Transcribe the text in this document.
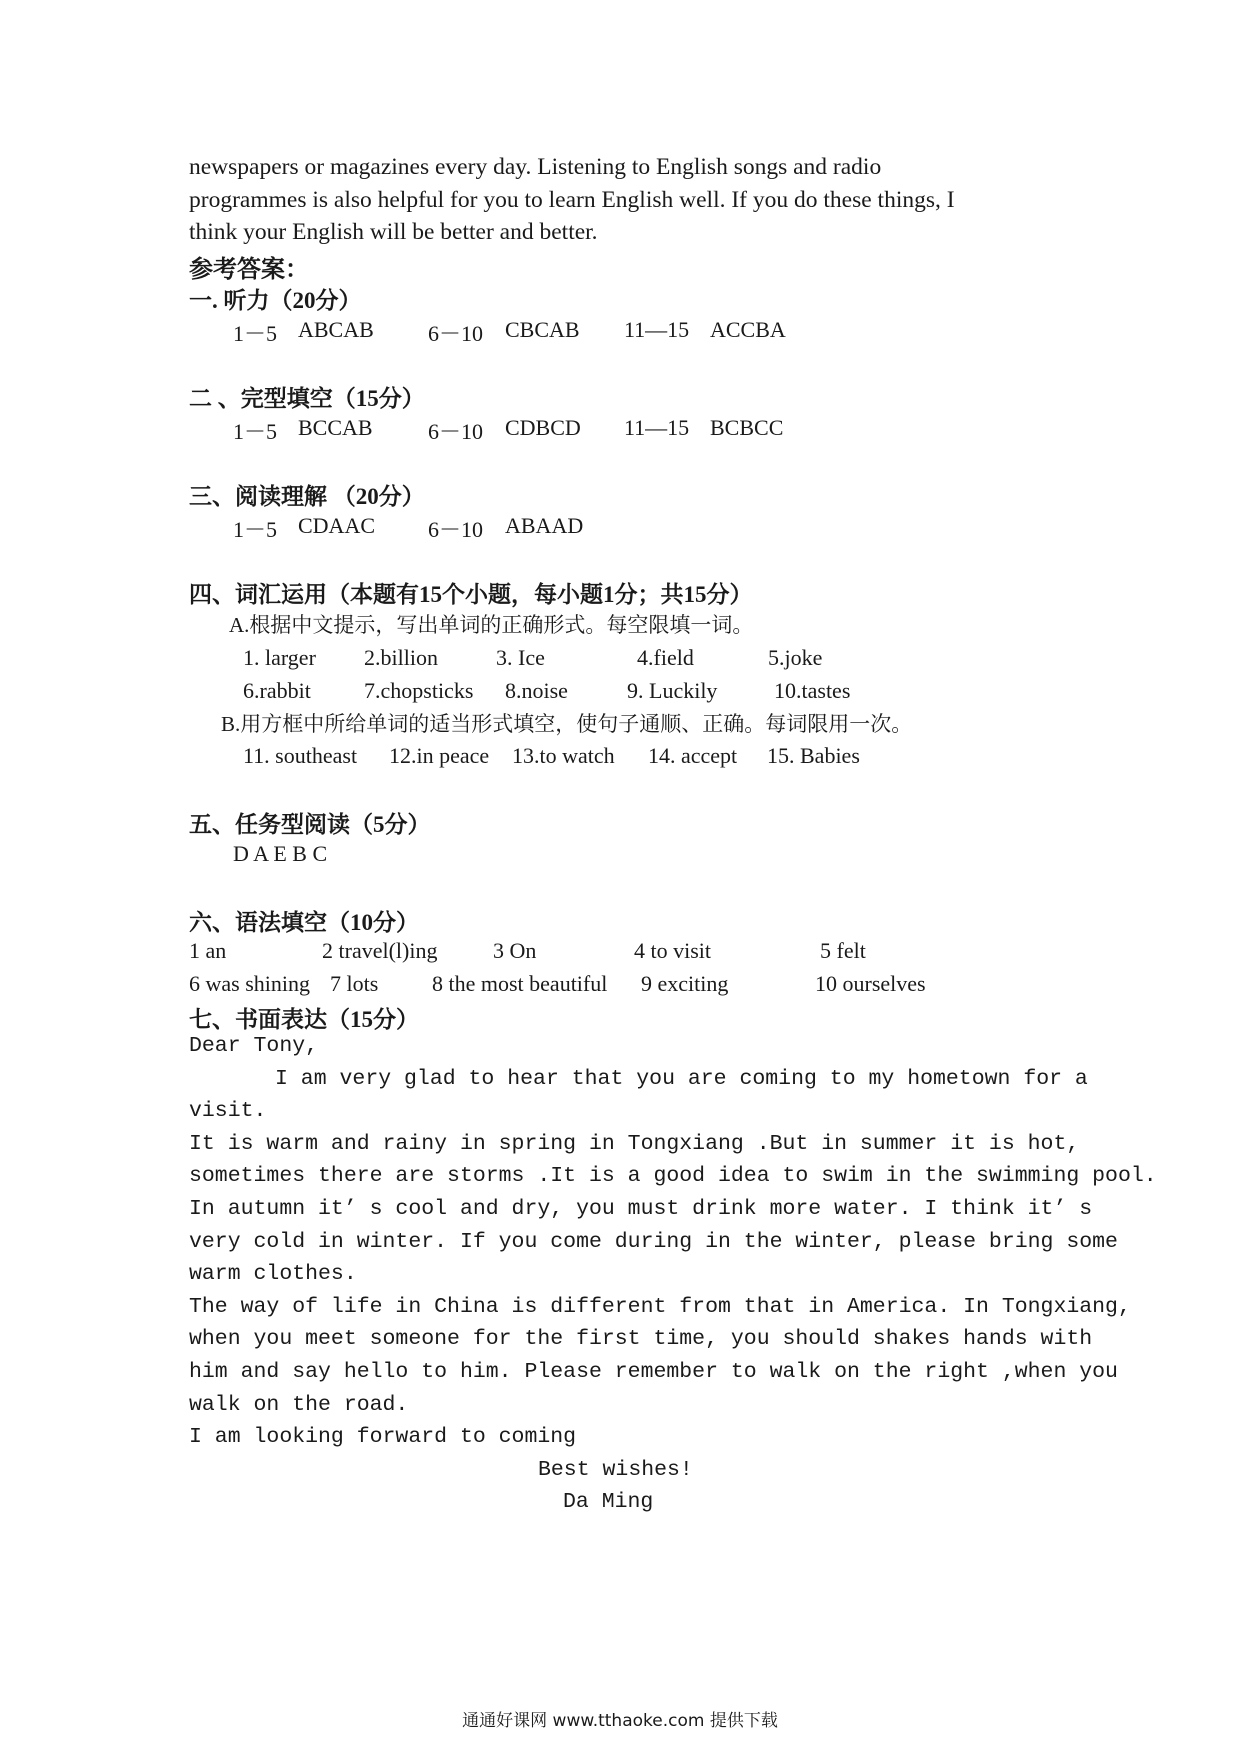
newspapers or magazines every day. Listening to English songs and radio
programmes is also helpful for you to learn English well. If you do these things, I
think your English will be better and better.
参考答案：
一. 听力（20分）
1－5 ABCAB 6－10 CBCAB 11—15 ACCBA
二 、完型填空（15分）
1－5 BCCAB	6－10 CDBCD 11—15 BCBCC
三、阅读理解 （20分）
1－5 CDAAC 6－10 ABAAD
四、词汇运用（本题有15个小题，每小题1分；共15分）
A.根据中文提示，写出单词的正确形式。每空限填一词。
1. larger 2.billion	3. Ice	4.field	5.joke
6.rabbit 7.chopsticks 8.noise	9. Luckily	10.tastes
B.用方框中所给单词的适当形式填空，使句子通顺、正确。每词限用一次。
11. southeast 12.in peace 13.to watch 14. accept 15. Babies
五、任务型阅读（5分）
D A E B C
六、语法填空（10分）
1 an	2 travel(l)ing	3 On	4 to visit	5 felt
6 was shining 7 lots 8 the most beautiful 9 exciting	10 ourselves
七、书面表达（15分）

Dear Tony,

I am very glad to hear that you are coming to my hometown for a

visit.

It is warm and rainy in spring in Tongxiang .But in summer it is hot,

sometimes there are storms .It is a good idea to swim in the swimming pool.

In autumn it’ s cool and dry, you must drink more water. I think it’ s

very cold in winter. If you come during in the winter, please bring some

warm clothes.

The way of life in China is different from that in America. In Tongxiang,

when you meet someone for the first time, you should shakes hands with

him and say hello to him. Please remember to walk on the right ,when you

walk on the road.

I am looking forward to coming

Best wishes!

Da Ming

通通好课网 www.tthaoke.com 提供下载
